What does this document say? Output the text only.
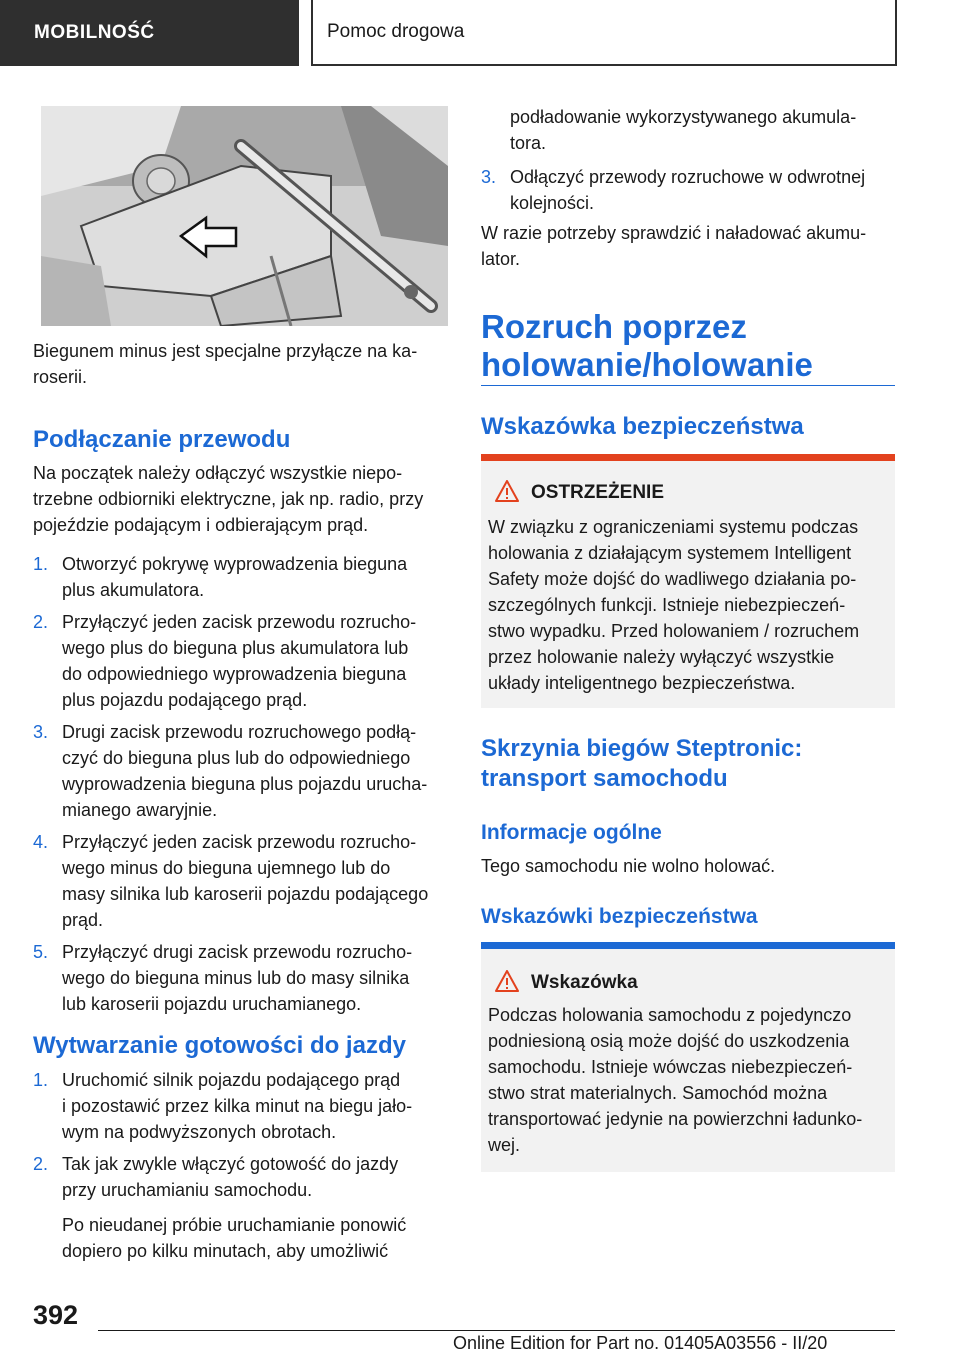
MOBILNOŚĆ	Pomoc drogowa

Biegunem minus jest specjalne przyłącze na ka-

roserii.

Podłączanie przewodu

Na początek należy odłączyć wszystkie niepo-

trzebne odbiorniki elektryczne, jak np. radio, przy

pojeździe podającym i odbierającym prąd.

1. Otworzyć pokrywę wyprowadzenia bieguna
plus akumulatora.
2. Przyłączyć jeden zacisk przewodu rozrucho-
wego plus do bieguna plus akumulatora lub
do odpowiedniego wyprowadzenia bieguna
plus pojazdu podającego prąd.
3. Drugi zacisk przewodu rozruchowego podłą-
czyć do bieguna plus lub do odpowiedniego
wyprowadzenia bieguna plus pojazdu urucha-
mianego awaryjnie.
4. Przyłączyć jeden zacisk przewodu rozrucho-
wego minus do bieguna ujemnego lub do
masy silnika lub karoserii pojazdu podającego
prąd.
5. Przyłączyć drugi zacisk przewodu rozrucho-
wego do bieguna minus lub do masy silnika
lub karoserii pojazdu uruchamianego.
Wytwarzanie gotowości do jazdy
1. Uruchomić silnik pojazdu podającego prąd
i pozostawić przez kilka minut na biegu jało-
wym na podwyższonych obrotach.
2. Tak jak zwykle włączyć gotowość do jazdy
przy uruchamianiu samochodu.

Po nieudanej próbie uruchamianie ponowić

dopiero po kilku minutach, aby umożliwić

podładowanie wykorzystywanego akumula-

tora.

3. Odłączyć przewody rozruchowe w odwrotnej
kolejności.

W razie potrzeby sprawdzić i naładować akumu-

lator.

Rozruch poprzez
holowanie/holowanie
Wskazówka bezpieczeństwa
OSTRZEŻENIE

W związku z ograniczeniami systemu podczas

holowania z działającym systemem Intelligent

Safety może dojść do wadliwego działania po-

szczególnych funkcji. Istnieje niebezpieczeń-

stwo wypadku. Przed holowaniem / rozruchem

przez holowanie należy wyłączyć wszystkie

układy inteligentnego bezpieczeństwa.

Skrzynia biegów Steptronic:
transport samochodu
Informacje ogólne

Tego samochodu nie wolno holować.

Wskazówki bezpieczeństwa
Wskazówka

Podczas holowania samochodu z pojedynczo

podniesioną osią może dojść do uszkodzenia

samochodu. Istnieje wówczas niebezpieczeń-

stwo strat materialnych. Samochód można

transportować jedynie na powierzchni ładunko-

wej.

392
Online Edition for Part no. 01405A03556 - II/20
